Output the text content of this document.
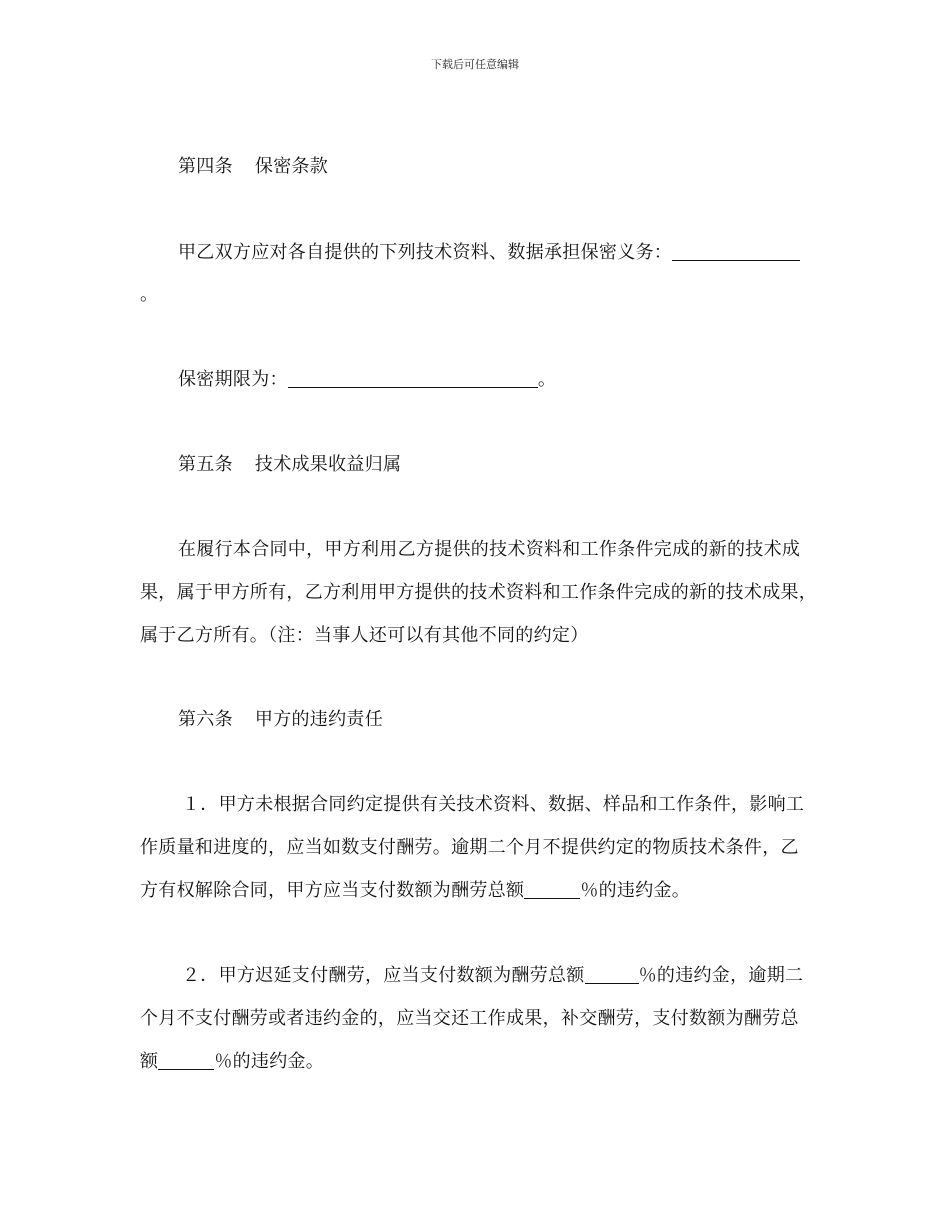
下载后可任意编辑
第四条 保密条款
甲乙双方应对各自提供的下列技术资料、数据承担保密义务：
。
保密期限为：	。
第五条 技术成果收益归属
在履行本合同中，甲方利用乙方提供的技术资料和工作条件完成的新的技术成
果，属于甲方所有，乙方利用甲方提供的技术资料和工作条件完成的新的技术成果，
属于乙方所有。（注：当事人还可以有其他不同的约定）
第六条 甲方的违约责任
１．甲方未根据合同约定提供有关技术资料、数据、样品和工作条件，影响工
作质量和进度的，应当如数支付酬劳。逾期二个月不提供约定的物质技术条件，乙
方有权解除合同，甲方应当支付数额为酬劳总额	％的违约金。
２．甲方迟延支付酬劳，应当支付数额为酬劳总额	％的违约金，逾期二
个月不支付酬劳或者违约金的，应当交还工作成果，补交酬劳，支付数额为酬劳总
额	％的违约金。
